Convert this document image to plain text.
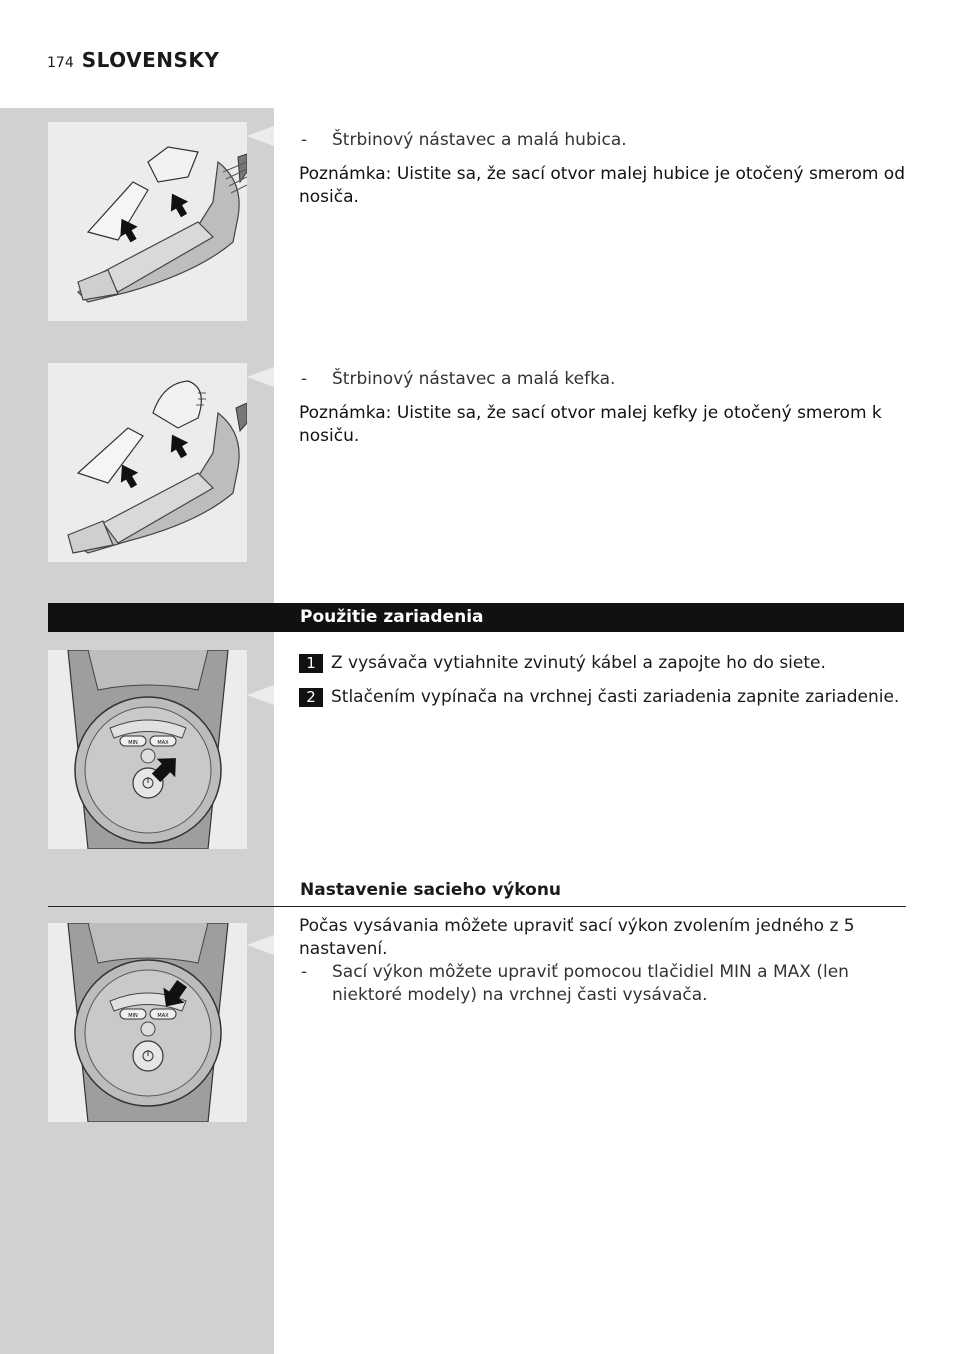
174 SLOVENSKY
-	Štrbinový nástavec a malá hubica.
Poznámka: Uistite sa, že sací otvor malej hubice je otočený smerom od nosiča.
-	Štrbinový nástavec a malá kefka.
Poznámka: Uistite sa, že sací otvor malej kefky je otočený smerom k nosiču.
Použitie zariadenia
MIN	MAX
1 Z vysávača vytiahnite zvinutý kábel a zapojte ho do siete.
2 Stlačením vypínača na vrchnej časti zariadenia zapnite zariadenie.
Nastavenie sacieho výkonu
MIN	MAX
Počas vysávania môžete upraviť sací výkon zvolením jedného z 5 nastavení.
-	Sací výkon môžete upraviť pomocou tlačidiel MIN a MAX (len niektoré modely) na vrchnej časti vysávača.
